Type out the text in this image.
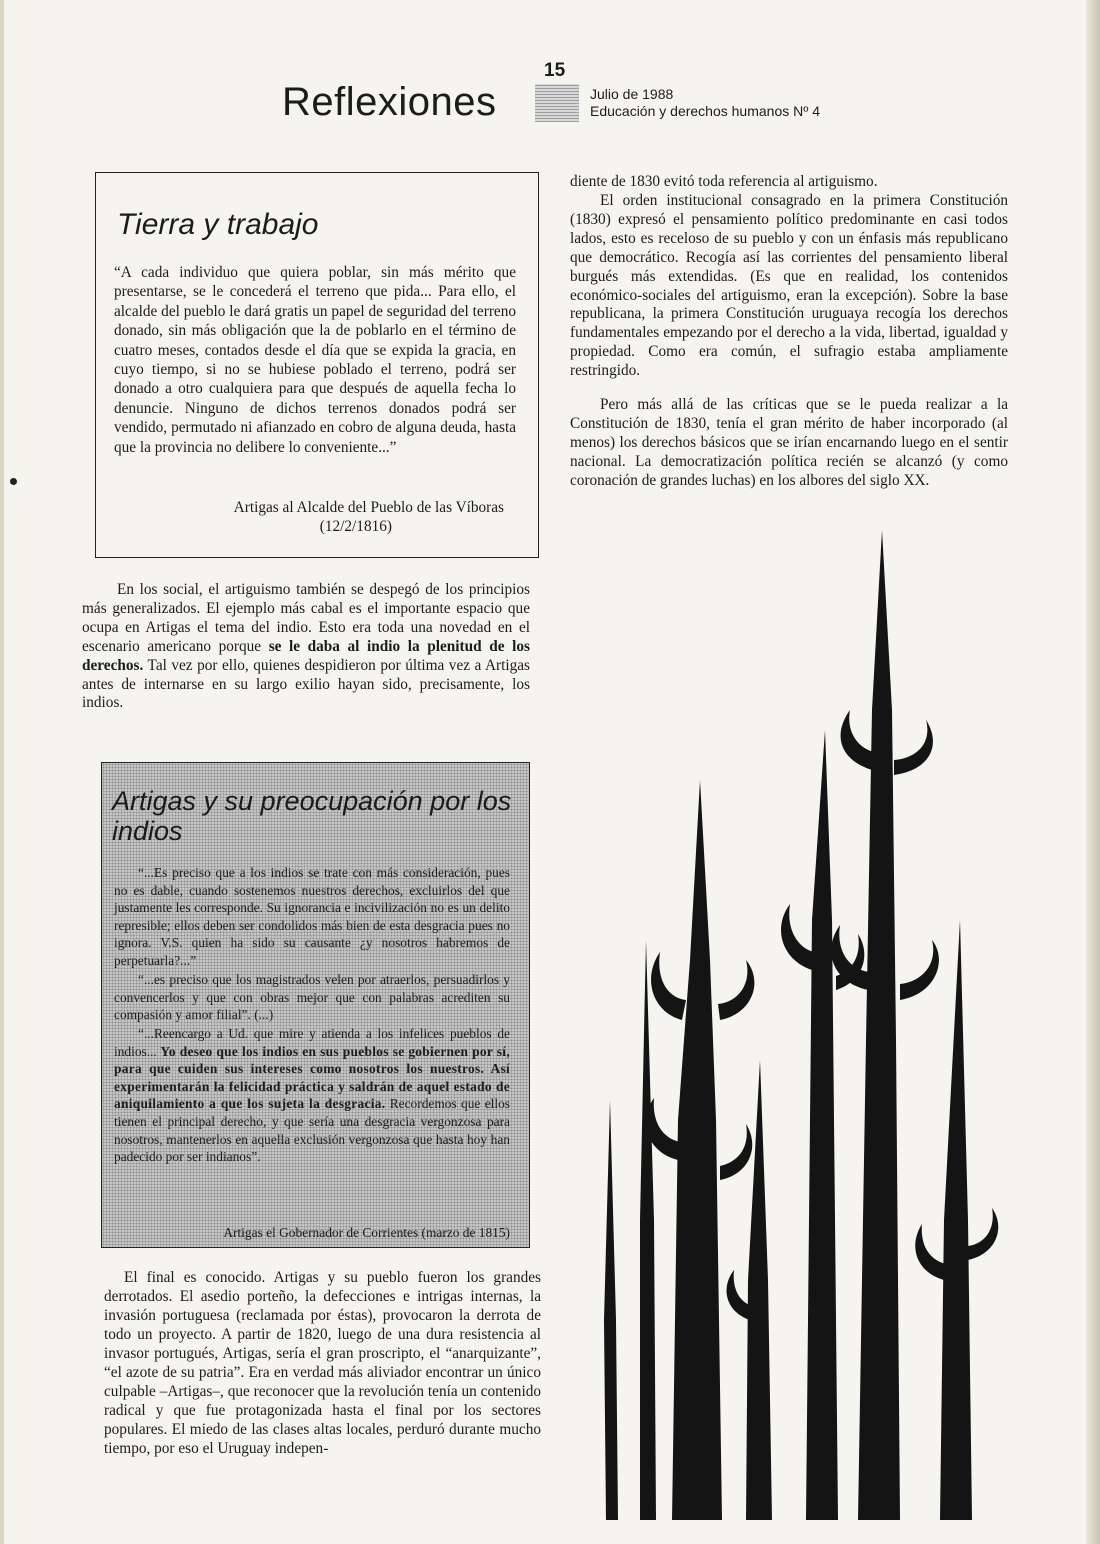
15
Reflexiones	Julio de 1988
Educación y derechos humanos Nº 4
Tierra y trabajo

“A cada individuo que quiera poblar, sin más mérito que presentarse, se le concederá el terreno que pida... Para ello, el alcalde del pueblo le dará gratis un papel de seguridad del terreno donado, sin más obligación que la de poblarlo en el término de cuatro meses, contados desde el día que se expida la gracia, en cuyo tiempo, si no se hubiese poblado el terreno, podrá ser donado a otro cualquiera para que después de aquella fecha lo denuncie. Ninguno de dichos terrenos donados podrá ser vendido, permutado ni afianzado en cobro de alguna deuda, hasta que la provincia no delibere lo conveniente...”

Artigas al Alcalde del Pueblo de las Víboras
(12/2/1816)

En los social, el artiguismo también se despegó de los principios más generalizados. El ejemplo más cabal es el importante espacio que ocupa en Artigas el tema del indio. Esto era toda una novedad en el escenario americano porque se le daba al indio la plenitud de los derechos. Tal vez por ello, quienes despidieron por última vez a Artigas antes de internarse en su largo exilio hayan sido, precisamente, los indios.

Artigas y su preocupación por los indios

“...Es preciso que a los indios se trate con más consideración, pues no es dable, cuando sostenemos nuestros derechos, excluirlos del que justamente les corresponde. Su ignorancia e incivilización no es un delito represible; ellos deben ser condolidos más bien de esta desgracia pues no ignora. V.S. quien ha sido su causante ¿y nosotros habremos de perpetuarla?...”

“...es preciso que los magistrados velen por atraerlos, persuadirlos y convencerlos y que con obras mejor que con palabras acrediten su compasión y amor filial”. (...)

“...Reencargo a Ud. que mire y atienda a los infelices pueblos de indios... Yo deseo que los indios en sus pueblos se gobiernen por sí, para que cuiden sus intereses como nosotros los nuestros. Así experimentarán la felicidad práctica y saldrán de aquel estado de aniquilamiento a que los sujeta la desgracia. Recordemos que ellos tienen el principal derecho, y que sería una desgracia vergonzosa para nosotros, mantenerlos en aquella exclusión vergonzosa que hasta hoy han padecido por ser indianos”.

Artigas el Gobernador de Corrientes (marzo de 1815)

El final es conocido. Artigas y su pueblo fueron los grandes derrotados. El asedio porteño, la defecciones e intrigas internas, la invasión portuguesa (reclamada por éstas), provocaron la derrota de todo un proyecto. A partir de 1820, luego de una dura resistencia al invasor portugués, Artigas, sería el gran proscripto, el “anarquizante”, “el azote de su patria”. Era en verdad más aliviador encontrar un único culpable –Artigas–, que reconocer que la revolución tenía un contenido radical y que fue protagonizada hasta el final por los sectores populares. El miedo de las clases altas locales, perduró durante mucho tiempo, por eso el Uruguay indepen-

diente de 1830 evitó toda referencia al artiguismo.

El orden institucional consagrado en la primera Constitución (1830) expresó el pensamiento político predominante en casi todos lados, esto es receloso de su pueblo y con un énfasis más republicano que democrático. Recogía así las corrientes del pensamiento liberal burgués más extendidas. (Es que en realidad, los contenidos económico-sociales del artiguismo, eran la excepción). Sobre la base republicana, la primera Constitución uruguaya recogía los derechos fundamentales empezando por el derecho a la vida, libertad, igualdad y propiedad. Como era común, el sufragio estaba ampliamente restringido.

Pero más allá de las críticas que se le pueda realizar a la Constitución de 1830, tenía el gran mérito de haber incorporado (al menos) los derechos básicos que se irían encarnando luego en el sentir nacional. La democratización política recién se alcanzó (y como coronación de grandes luchas) en los albores del siglo XX.
